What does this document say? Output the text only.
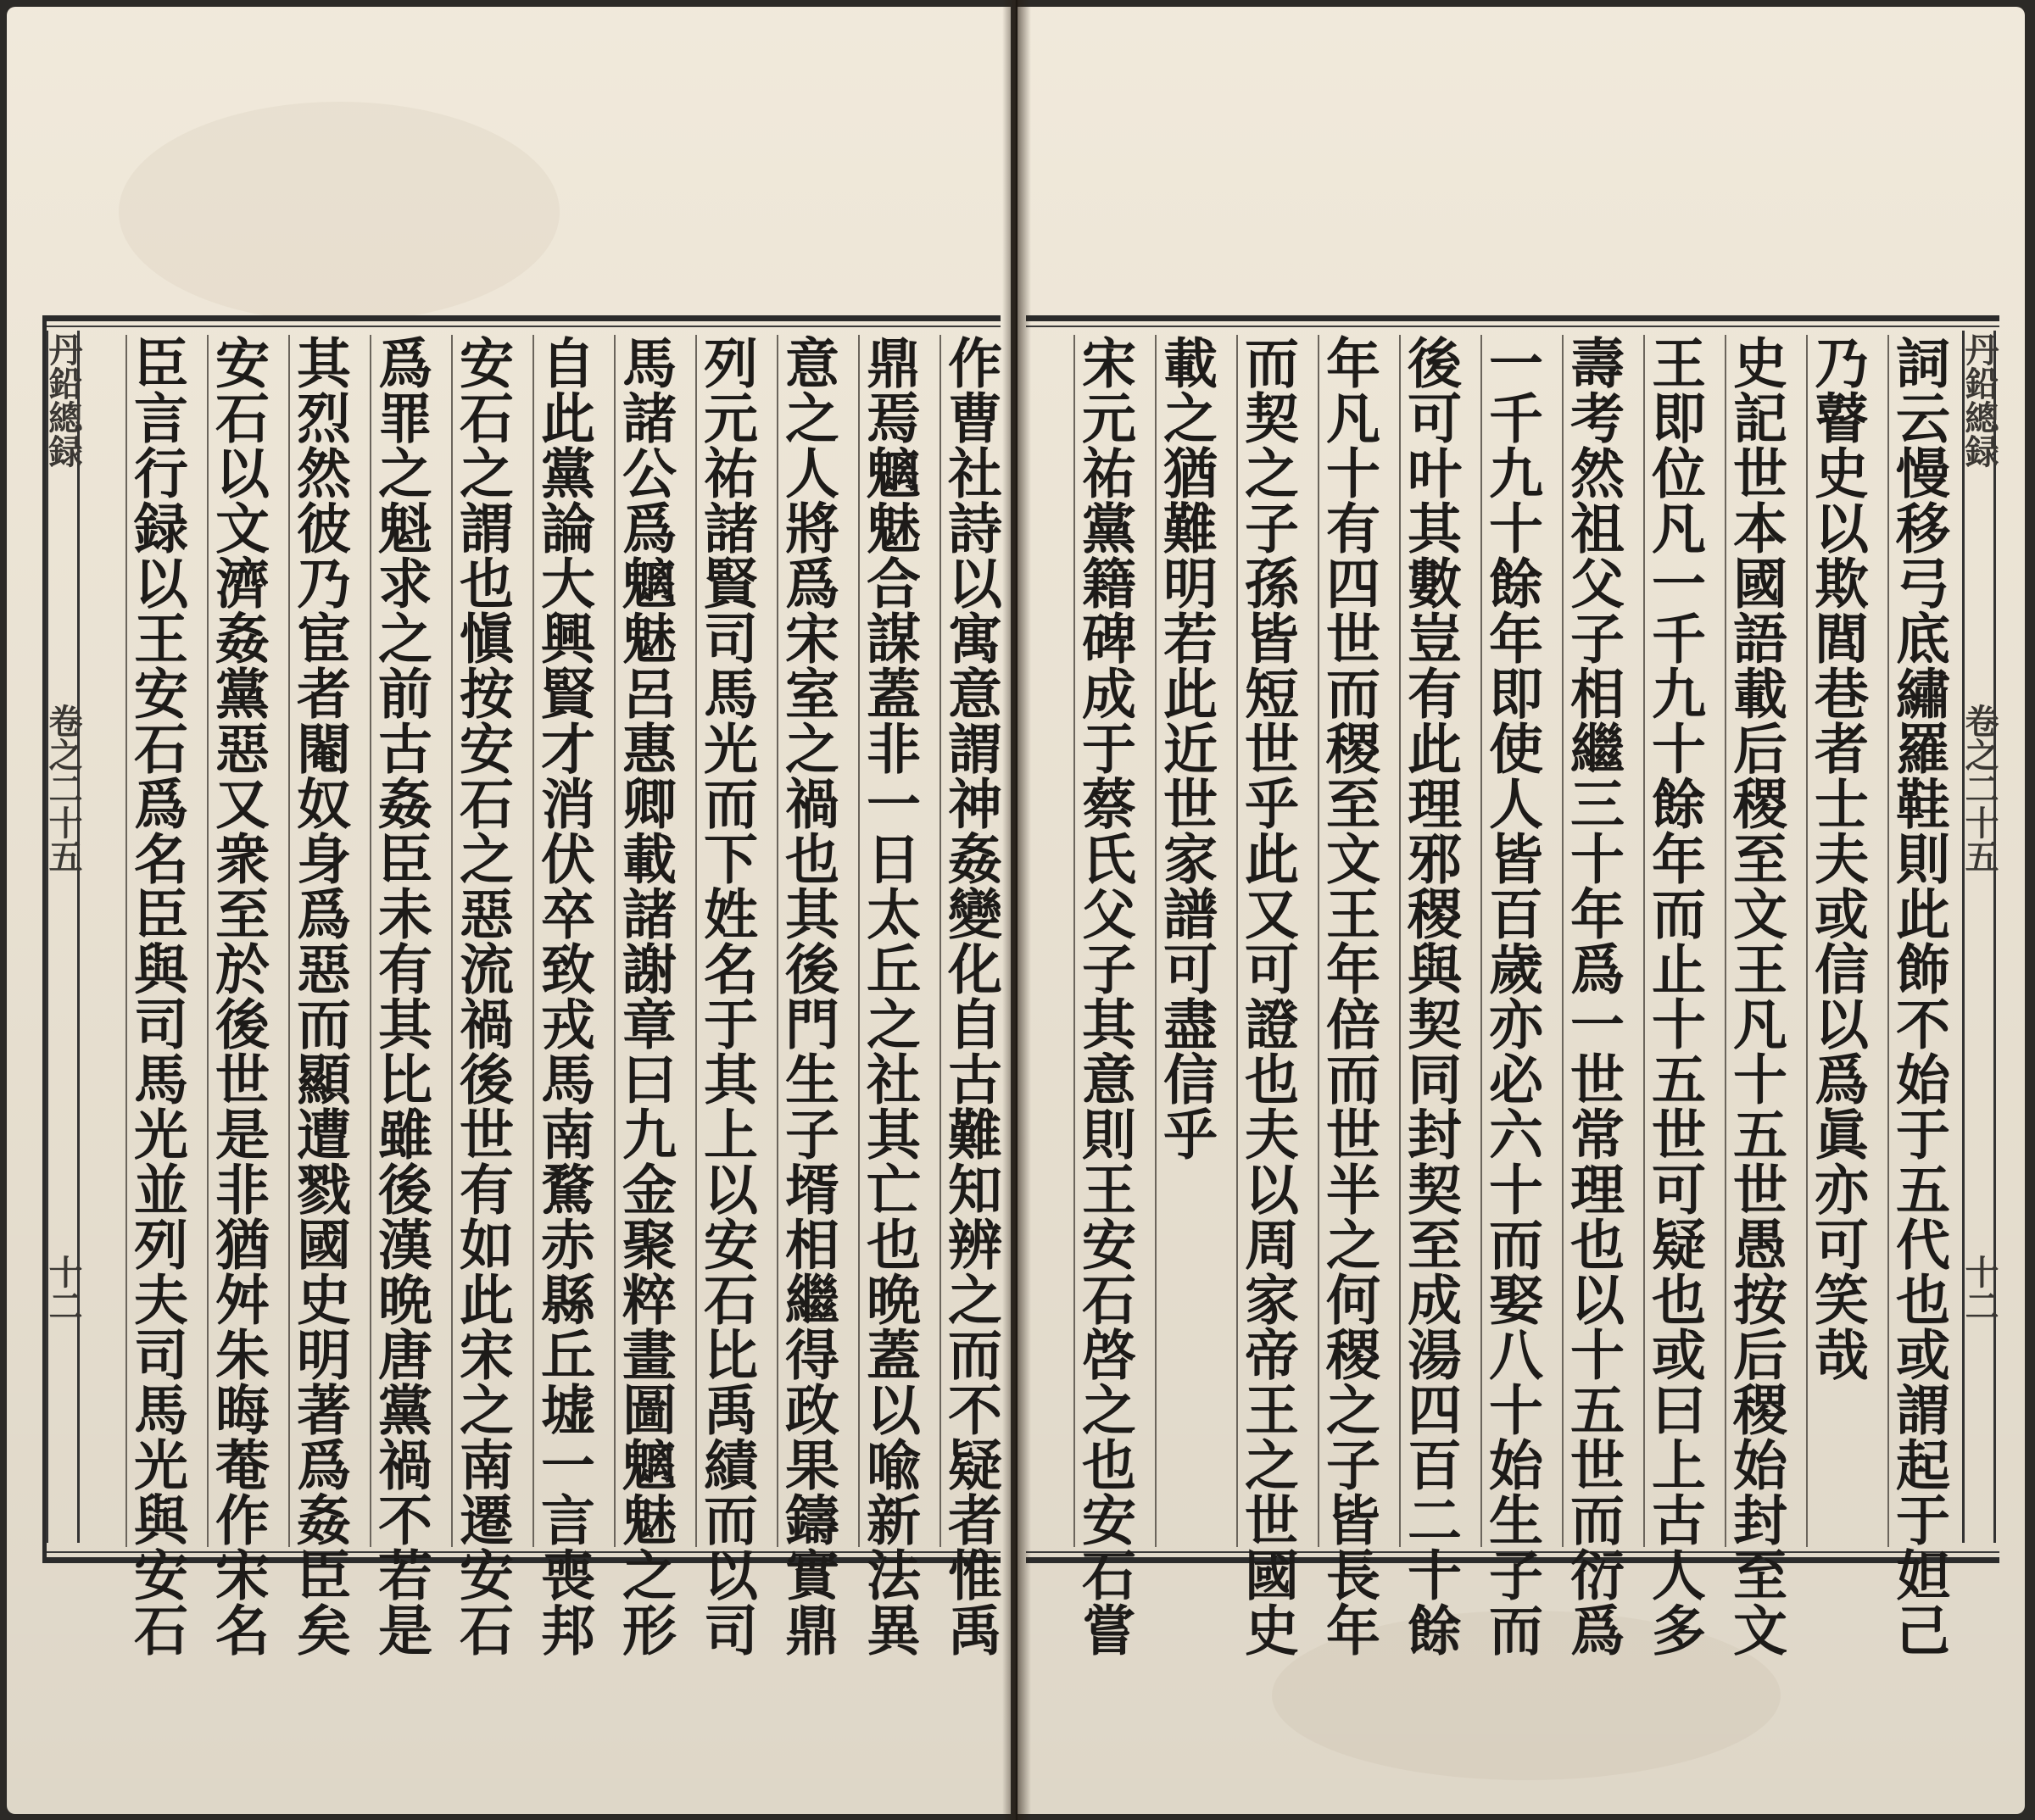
丹鉛總録
卷之二十五
十二	作曹社詩以寓意謂神姦變化自古難知辨之而不疑者惟禹
鼎焉魑魅合謀蓋非一日太丘之社其亡也晩蓋以喩新法異
意之人將爲宋室之禍也其後門生子壻相繼得政果鑄實鼎
列元祐諸賢司馬光而下姓名于其上以安石比禹績而以司
馬諸公爲魑魅呂惠卿載諸謝章曰九金聚粹畫圖魑魅之形
自此黨論大興賢才消伏卒致戎馬南騖赤縣丘墟一言喪邦
安石之謂也愼按安石之惡流禍後世有如此宋之南遷安石
爲罪之魁求之前古姦臣未有其比雖後漢晩唐黨禍不若是
其烈然彼乃宦者閹奴身爲惡而顯遭戮國史明著爲姦臣矣
安石以文濟姦黨惡又衆至於後世是非猶舛朱晦菴作宋名
臣言行録以王安石爲名臣與司馬光並列夫司馬光與安石	丹鉛總録
卷之二十五
十二
詞云慢移弓底繡羅鞋則此飾不始于五代也或謂起于妲己
乃瞽史以欺閭巷者士夫或信以爲眞亦可笑哉
史記世本國語載后稷至文王凡十五世愚按后稷始封至文
王即位凡一千九十餘年而止十五世可疑也或曰上古人多
壽考然祖父子相繼三十年爲一世常理也以十五世而衍爲
一千九十餘年即使人皆百歲亦必六十而娶八十始生子而
後可叶其數豈有此理邪稷與契同封契至成湯四百二十餘
年凡十有四世而稷至文王年倍而世半之何稷之子皆長年
而契之子孫皆短世乎此又可證也夫以周家帝王之世國史
載之猶難明若此近世家譜可盡信乎
宋元祐黨籍碑成于蔡氏父子其意則王安石啓之也安石嘗
